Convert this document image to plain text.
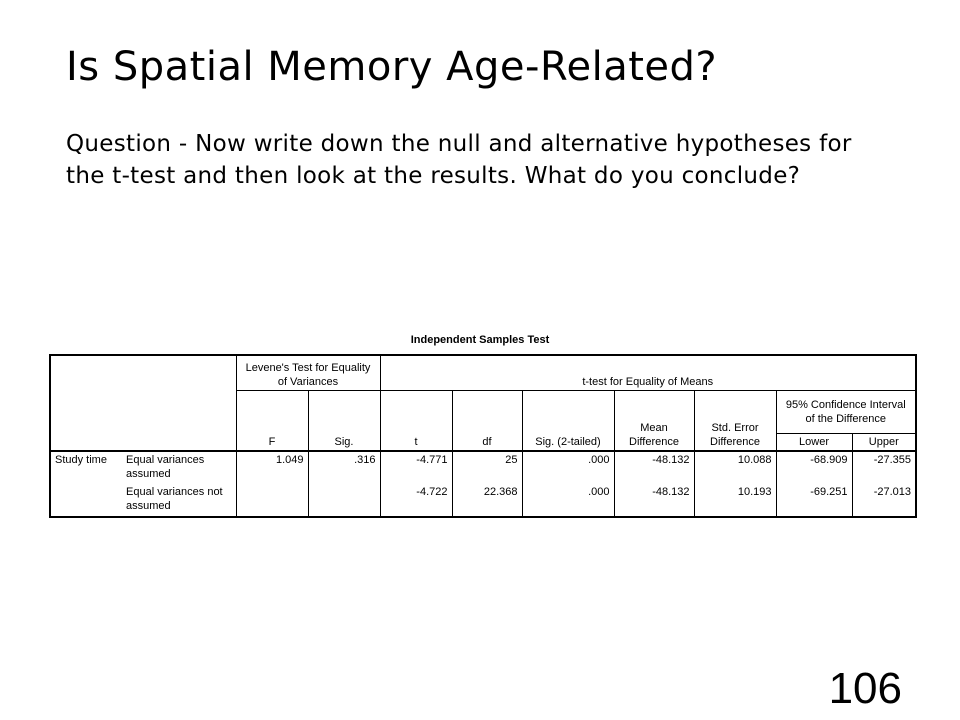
Is Spatial Memory Age-Related?
Question - Now write down the null and alternative hypotheses for the t-test and then look at the results. What do you conclude?
Independent Samples Test
		Levene's Test for Equality of Variances		t-test for Equality of Means						
		F	Sig.	t	df	Sig. (2-tailed)	Mean Difference	Std. Error Difference	95% Confidence Interval of the Difference	
									Lower	Upper
Study time	Equal variances assumed	1.049	.316	-4.771	25	.000	-48.132	10.088	-68.909	-27.355
	Equal variances not assumed			-4.722	22.368	.000	-48.132	10.193	-69.251	-27.013
106
